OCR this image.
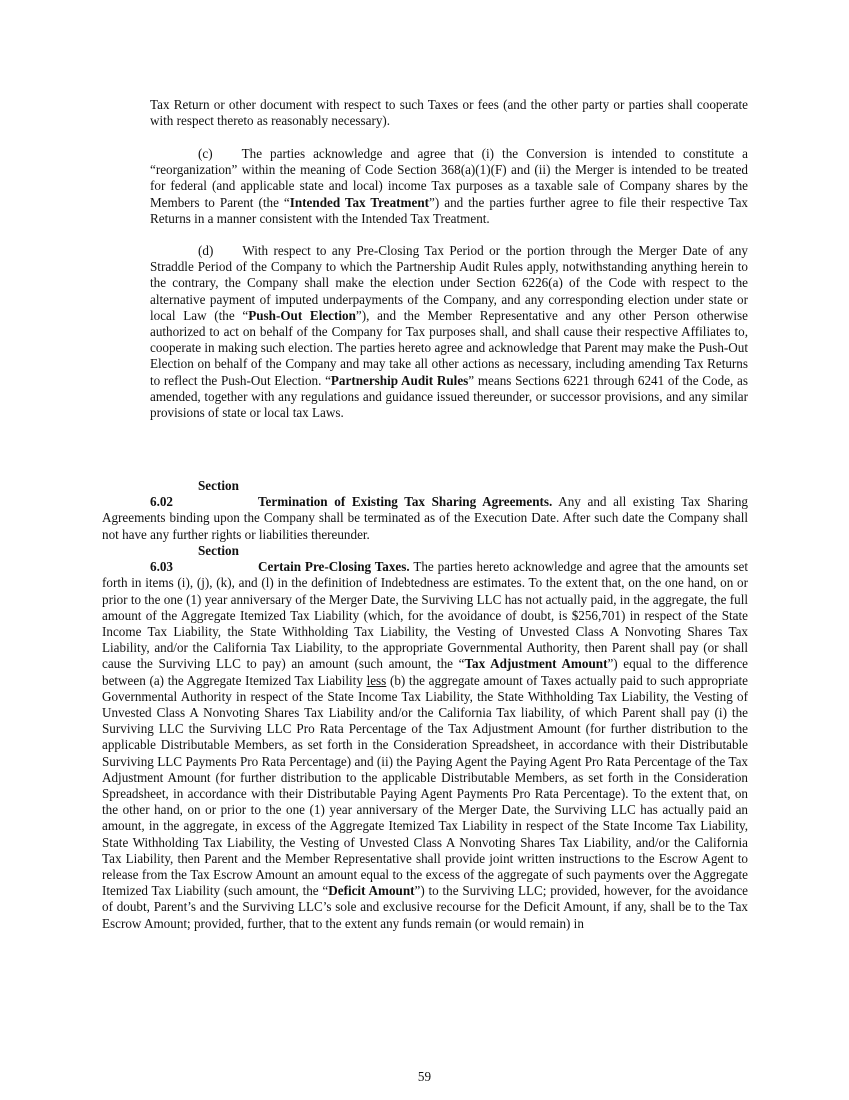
Tax Return or other document with respect to such Taxes or fees (and the other party or parties shall cooperate with respect thereto as reasonably necessary).

(c) The parties acknowledge and agree that (i) the Conversion is intended to constitute a “reorganization” within the meaning of Code Section 368(a)(1)(F) and (ii) the Merger is intended to be treated for federal (and applicable state and local) income Tax purposes as a taxable sale of Company shares by the Members to Parent (the “Intended Tax Treatment”) and the parties further agree to file their respective Tax Returns in a manner consistent with the Intended Tax Treatment.

(d) With respect to any Pre-Closing Tax Period or the portion through the Merger Date of any Straddle Period of the Company to which the Partnership Audit Rules apply, notwithstanding anything herein to the contrary, the Company shall make the election under Section 6226(a) of the Code with respect to the alternative payment of imputed underpayments of the Company, and any corresponding election under state or local Law (the “Push-Out Election”), and the Member Representative and any other Person otherwise authorized to act on behalf of the Company for Tax purposes shall, and shall cause their respective Affiliates to, cooperate in making such election. The parties hereto agree and acknowledge that Parent may make the Push-Out Election on behalf of the Company and may take all other actions as necessary, including amending Tax Returns to reflect the Push-Out Election. “Partnership Audit Rules” means Sections 6221 through 6241 of the Code, as amended, together with any regulations and guidance issued thereunder, or successor provisions, and any similar provisions of state or local tax Laws.

Section 6.02	Termination of Existing Tax Sharing Agreements. Any and all existing Tax Sharing Agreements binding upon the Company shall be terminated as of the Execution Date. After such date the Company shall not have any further rights or liabilities thereunder.

Section 6.03	Certain Pre-Closing Taxes. The parties hereto acknowledge and agree that the amounts set forth in items (i), (j), (k), and (l) in the definition of Indebtedness are estimates. To the extent that, on the one hand, on or prior to the one (1) year anniversary of the Merger Date, the Surviving LLC has not actually paid, in the aggregate, the full amount of the Aggregate Itemized Tax Liability (which, for the avoidance of doubt, is $256,701) in respect of the State Income Tax Liability, the State Withholding Tax Liability, the Vesting of Unvested Class A Nonvoting Shares Tax Liability, and/or the California Tax Liability, to the appropriate Governmental Authority, then Parent shall pay (or shall cause the Surviving LLC to pay) an amount (such amount, the “Tax Adjustment Amount”) equal to the difference between (a) the Aggregate Itemized Tax Liability less (b) the aggregate amount of Taxes actually paid to such appropriate Governmental Authority in respect of the State Income Tax Liability, the State Withholding Tax Liability, the Vesting of Unvested Class A Nonvoting Shares Tax Liability and/or the California Tax liability, of which Parent shall pay (i) the Surviving LLC the Surviving LLC Pro Rata Percentage of the Tax Adjustment Amount (for further distribution to the applicable Distributable Members, as set forth in the Consideration Spreadsheet, in accordance with their Distributable Surviving LLC Payments Pro Rata Percentage) and (ii) the Paying Agent the Paying Agent Pro Rata Percentage of the Tax Adjustment Amount (for further distribution to the applicable Distributable Members, as set forth in the Consideration Spreadsheet, in accordance with their Distributable Paying Agent Payments Pro Rata Percentage). To the extent that, on the other hand, on or prior to the one (1) year anniversary of the Merger Date, the Surviving LLC has actually paid an amount, in the aggregate, in excess of the Aggregate Itemized Tax Liability in respect of the State Income Tax Liability, State Withholding Tax Liability, the Vesting of Unvested Class A Nonvoting Shares Tax Liability, and/or the California Tax Liability, then Parent and the Member Representative shall provide joint written instructions to the Escrow Agent to release from the Tax Escrow Amount an amount equal to the excess of the aggregate of such payments over the Aggregate Itemized Tax Liability (such amount, the “Deficit Amount”) to the Surviving LLC; provided, however, for the avoidance of doubt, Parent’s and the Surviving LLC’s sole and exclusive recourse for the Deficit Amount, if any, shall be to the Tax Escrow Amount; provided, further, that to the extent any funds remain (or would remain) in

59
